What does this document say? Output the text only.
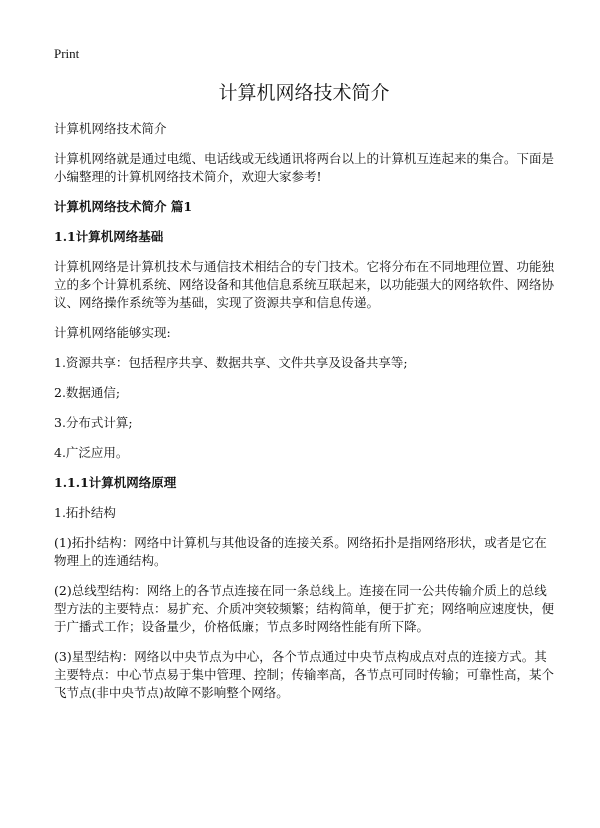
Print
计算机网络技术简介

计算机网络技术简介

计算机网络就是通过电缆、电话线或无线通讯将两台以上的计算机互连起来的集合。下面是小编整理的计算机网络技术简介，欢迎大家参考!

计算机网络技术简介 篇1

1.1计算机网络基础

计算机网络是计算机技术与通信技术相结合的专门技术。它将分布在不同地理位置、功能独立的多个计算机系统、网络设备和其他信息系统互联起来，以功能强大的网络软件、网络协议、网络操作系统等为基础，实现了资源共享和信息传递。

计算机网络能够实现:

1.资源共享：包括程序共享、数据共享、文件共享及设备共享等;

2.数据通信;

3.分布式计算;

4.广泛应用。

1.1.1计算机网络原理

1.拓扑结构

(1)拓扑结构：网络中计算机与其他设备的连接关系。网络拓扑是指网络形状，或者是它在物理上的连通结构。

(2)总线型结构：网络上的各节点连接在同一条总线上。连接在同一公共传输介质上的总线型方法的主要特点：易扩充、介质冲突较频繁；结构简单，便于扩充；网络响应速度快，便于广播式工作；设备量少，价格低廉；节点多时网络性能有所下降。

(3)星型结构：网络以中央节点为中心，各个节点通过中央节点构成点对点的连接方式。其主要特点：中心节点易于集中管理、控制；传输率高，各节点可同时传输；可靠性高，某个飞节点(非中央节点)故障不影响整个网络。
